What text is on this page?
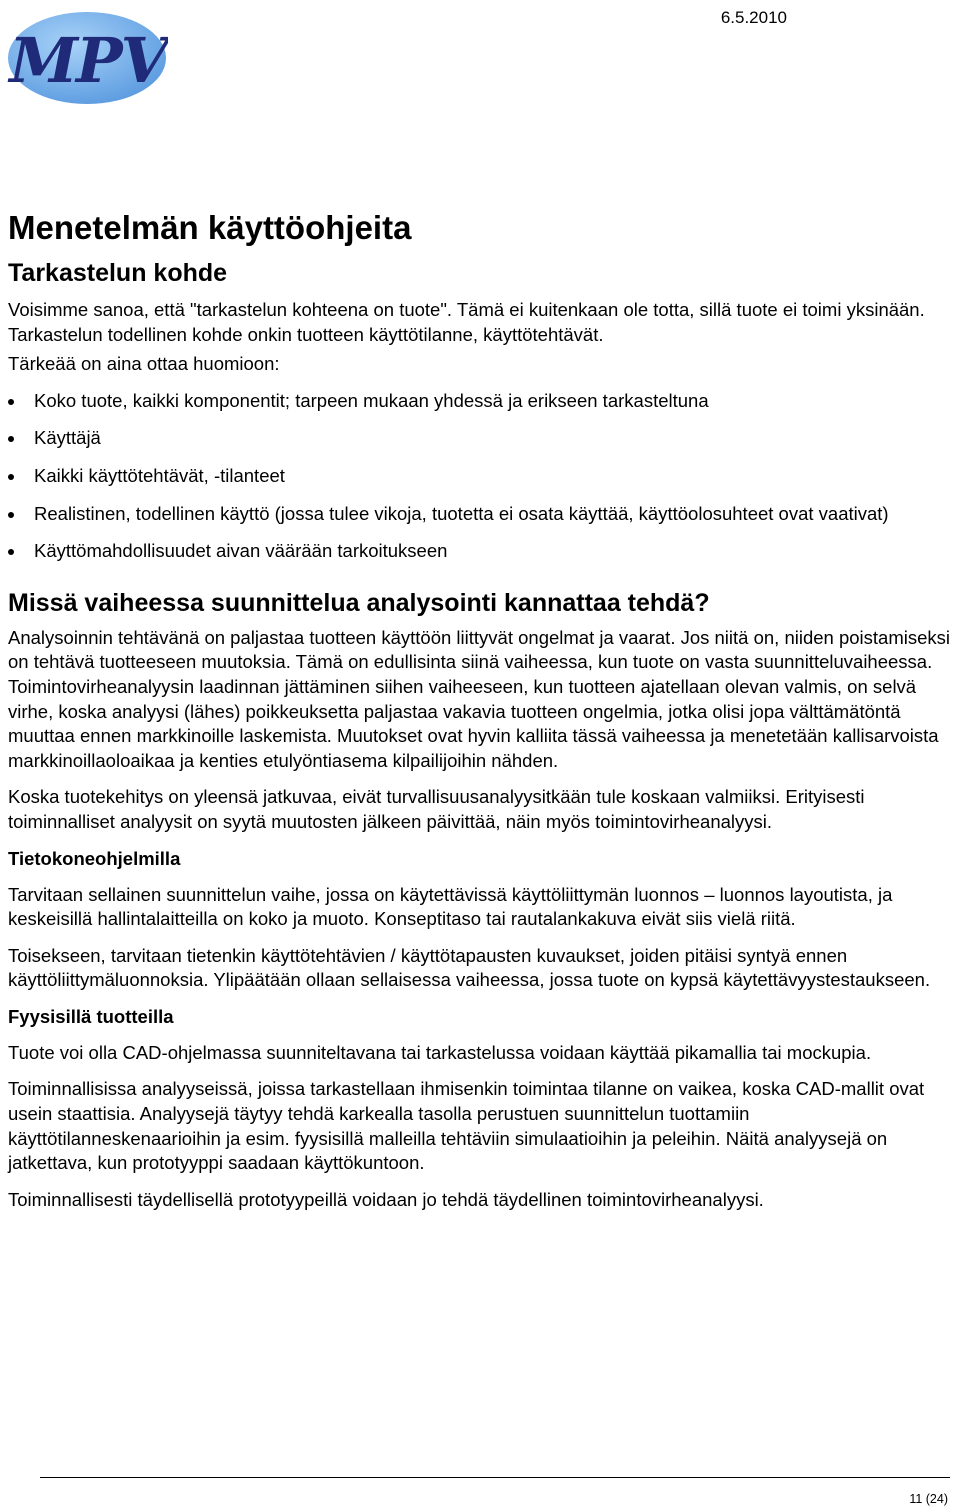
MPV
6.5.2010
Menetelmän käyttöohjeita
Tarkastelun kohde

Voisimme sanoa, että "tarkastelun kohteena on tuote". Tämä ei kuitenkaan ole totta, sillä tuote ei toimi yksinään. Tarkastelun todellinen kohde onkin tuotteen käyttötilanne, käyttötehtävät.

Tärkeää on aina ottaa huomioon:

Koko tuote, kaikki komponentit; tarpeen mukaan yhdessä ja erikseen tarkasteltuna
Käyttäjä
Kaikki käyttötehtävät, -tilanteet
Realistinen, todellinen käyttö (jossa tulee vikoja, tuotetta ei osata käyttää, käyttöolosuhteet ovat vaativat)
Käyttömahdollisuudet aivan väärään tarkoitukseen
Missä vaiheessa suunnittelua analysointi kannattaa tehdä?

Analysoinnin tehtävänä on paljastaa tuotteen käyttöön liittyvät ongelmat ja vaarat. Jos niitä on, niiden poistamiseksi on tehtävä tuotteeseen muutoksia. Tämä on edullisinta siinä vaiheessa, kun tuote on vasta suunnitteluvaiheessa. Toimintovirheanalyysin laadinnan jättäminen siihen vaiheeseen, kun tuotteen ajatellaan olevan valmis, on selvä virhe, koska analyysi (lähes) poikkeuksetta paljastaa vakavia tuotteen ongelmia, jotka olisi jopa välttämätöntä muuttaa ennen markkinoille laskemista. Muutokset ovat hyvin kalliita tässä vaiheessa ja menetetään kallisarvoista markkinoillaoloaikaa ja kenties etulyöntiasema kilpailijoihin nähden.

Koska tuotekehitys on yleensä jatkuvaa, eivät turvallisuusanalyysitkään tule koskaan valmiiksi. Erityisesti toiminnalliset analyysit on syytä muutosten jälkeen päivittää, näin myös toimintovirheanalyysi.

Tietokoneohjelmilla

Tarvitaan sellainen suunnittelun vaihe, jossa on käytettävissä käyttöliittymän luonnos – luonnos layoutista, ja keskeisillä hallintalaitteilla on koko ja muoto. Konseptitaso tai rautalankakuva eivät siis vielä riitä.

Toisekseen, tarvitaan tietenkin käyttötehtävien / käyttötapausten kuvaukset, joiden pitäisi syntyä ennen käyttöliittymäluonnoksia. Ylipäätään ollaan sellaisessa vaiheessa, jossa tuote on kypsä käytettävyystestaukseen.

Fyysisillä tuotteilla

Tuote voi olla CAD-ohjelmassa suunniteltavana tai tarkastelussa voidaan käyttää pikamallia tai mockupia.

Toiminnallisissa analyyseissä, joissa tarkastellaan ihmisenkin toimintaa tilanne on vaikea, koska CAD-mallit ovat usein staattisia. Analyysejä täytyy tehdä karkealla tasolla perustuen suunnittelun tuottamiin käyttötilanneskenaarioihin ja esim. fyysisillä malleilla tehtäviin simulaatioihin ja peleihin. Näitä analyysejä on jatkettava, kun prototyyppi saadaan käyttökuntoon.

Toiminnallisesti täydellisellä prototyypeillä voidaan jo tehdä täydellinen toimintovirheanalyysi.

11 (24)
